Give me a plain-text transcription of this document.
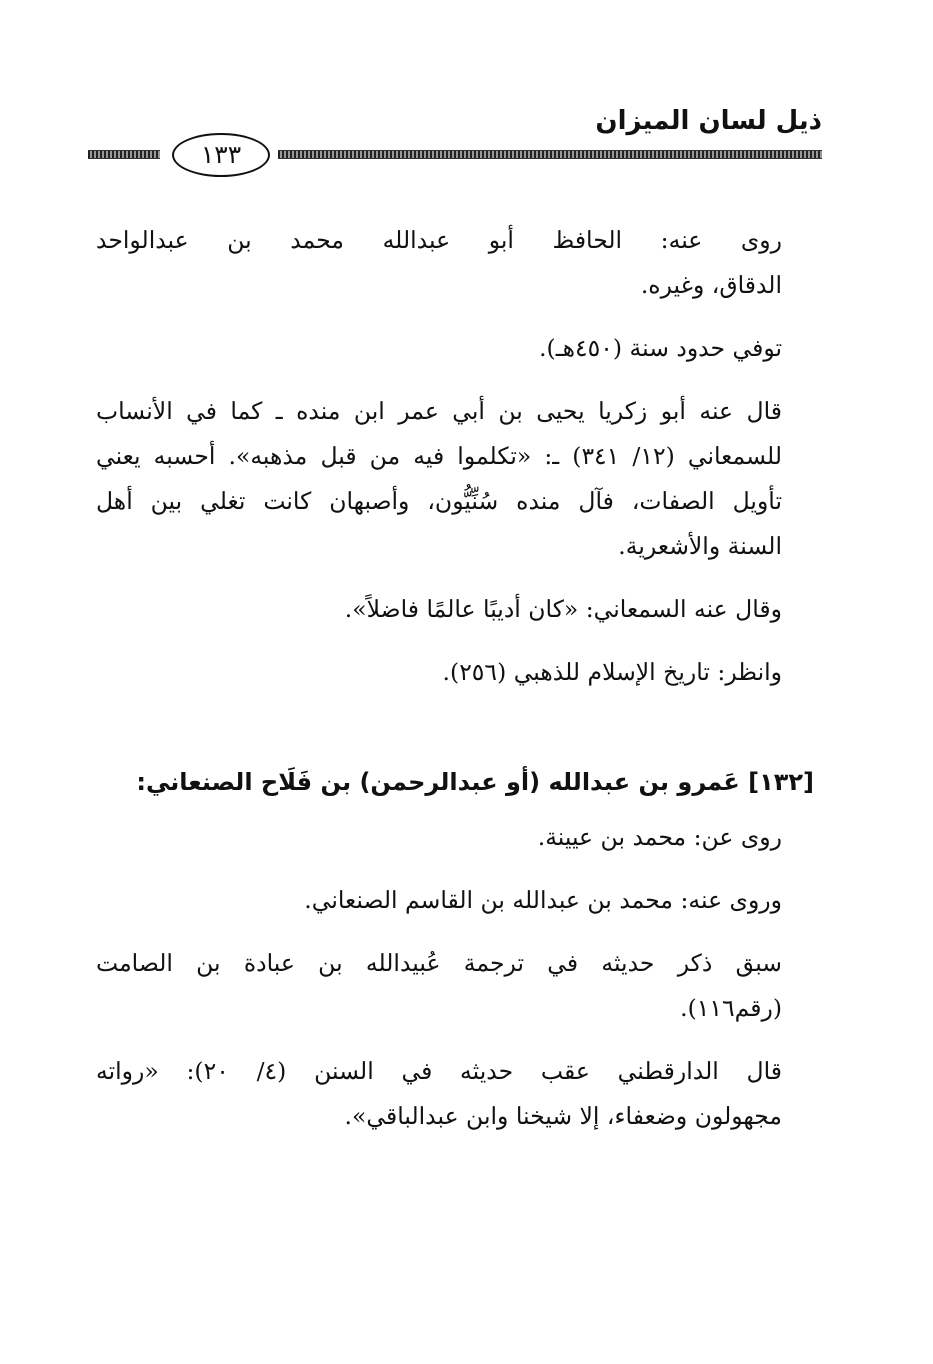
ذيل لسان الميزان
١٣٣

روى عنه: الحافظ أبو عبدالله محمد بن عبدالواحد
الدقاق، وغيره.

توفي حدود سنة (٤٥٠هـ).

قال عنه أبو زكريا يحيى بن أبي عمر ابن منده ـ كما في الأنساب
للسمعاني (١٢/ ٣٤١) ـ: «تكلموا فيه من قبل مذهبه». أحسبه يعني
تأويل الصفات، فآل منده سُنِّيُّون، وأصبهان كانت تغلي بين أهل
السنة والأشعرية.

وقال عنه السمعاني: «كان أديبًا عالمًا فاضلاً».

وانظر: تاريخ الإسلام للذهبي (٢٥٦).

[١٣٢] عَمرو بن عبدالله (أو عبدالرحمن) بن فَلَاح الصنعاني:

روى عن: محمد بن عيينة.

وروى عنه: محمد بن عبدالله بن القاسم الصنعاني.

سبق ذكر حديثه في ترجمة عُبيدالله بن عبادة بن الصامت
(رقم١١٦).

قال الدارقطني عقب حديثه في السنن (٤/ ٢٠): «رواته
مجهولون وضعفاء، إلا شيخنا وابن عبدالباقي».
